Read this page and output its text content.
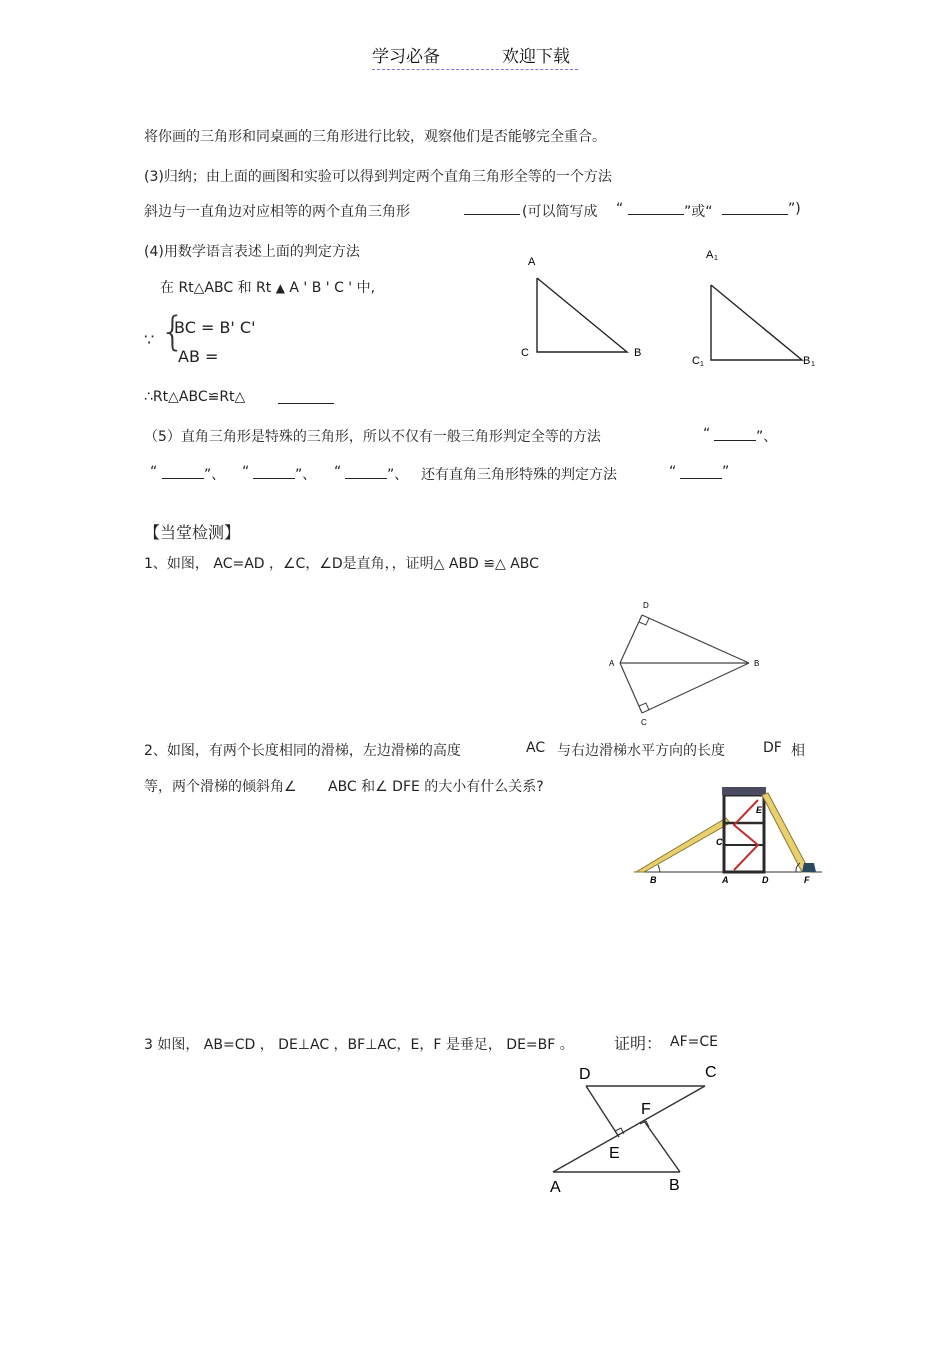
学习必备	欢迎下载
将你画的三角形和同桌画的三角形进行比较，观察他们是否能够完全重合。
(3)归纳；由上面的画图和实验可以得到判定两个直角三角形全等的一个方法
斜边与一直角边对应相等的两个直角三角形	(可以简写成 “	”或“	”)
(4)用数学语言表述上面的判定方法
在 Rt△ABC 和 Rt ▲ A ' B ' C ' 中,
∵ {
BC = B' C'
AB =
∴Rt△ABC≌Rt△
A
C	B
A 1
C 1	B 1
（5）直角三角形是特殊的三角形，所以不仅有一般三角形判定全等的方法	“	”、
“	”、 “	”、 “	”、 还有直角三角形特殊的判定方法	“	”
【当堂检测】
1、如图， AC=AD ，∠C，∠D是直角，，证明△ ABD ≌△ ABC
D
A	B
C
2、如图，有两个长度相同的滑梯，左边滑梯的高度	AC 与右边滑梯水平方向的长度	DF 相
等，两个滑梯的倾斜角∠ ABC 和∠ DFE 的大小有什么关系?
B	A
C
D
E
F
3 如图， AB=CD ， DE⊥AC ，BF⊥AC，E，F 是垂足， DE=BF 。	证明： AF=CE
D	C
F
E
A	B
